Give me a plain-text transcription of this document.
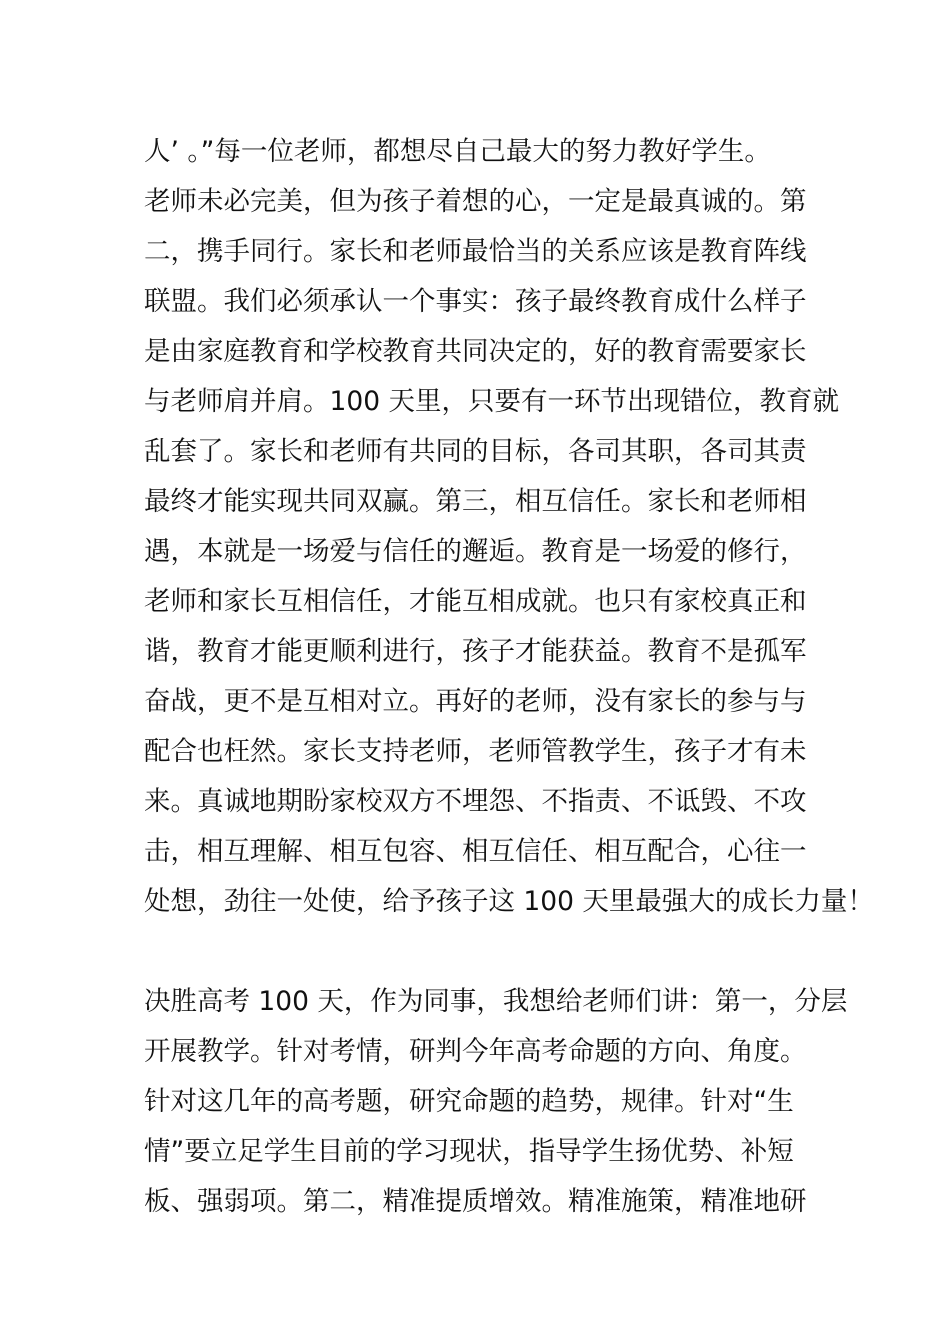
人’ 。”每一位老师，都想尽自己最大的努力教好学生。

老师未必完美，但为孩子着想的心，一定是最真诚的。第

二，携手同行。家长和老师最恰当的关系应该是教育阵线

联盟。我们必须承认一个事实：孩子最终教育成什么样子

是由家庭教育和学校教育共同决定的，好的教育需要家长

与老师肩并肩。100 天里，只要有一环节出现错位，教育就

乱套了。家长和老师有共同的目标，各司其职，各司其责

最终才能实现共同双赢。第三，相互信任。家长和老师相

遇，本就是一场爱与信任的邂逅。教育是一场爱的修行，

老师和家长互相信任，才能互相成就。也只有家校真正和

谐，教育才能更顺利进行，孩子才能获益。教育不是孤军

奋战，更不是互相对立。再好的老师，没有家长的参与与

配合也枉然。家长支持老师，老师管教学生，孩子才有未

来。真诚地期盼家校双方不埋怨、不指责、不诋毁、不攻

击，相互理解、相互包容、相互信任、相互配合，心往一

处想，劲往一处使，给予孩子这 100 天里最强大的成长力量！

决胜高考 100 天，作为同事，我想给老师们讲：第一，分层

开展教学。针对考情，研判今年高考命题的方向、角度。

针对这几年的高考题，研究命题的趋势，规律。针对“生

情”要立足学生目前的学习现状，指导学生扬优势、补短

板、强弱项。第二，精准提质增效。精准施策，精准地研
